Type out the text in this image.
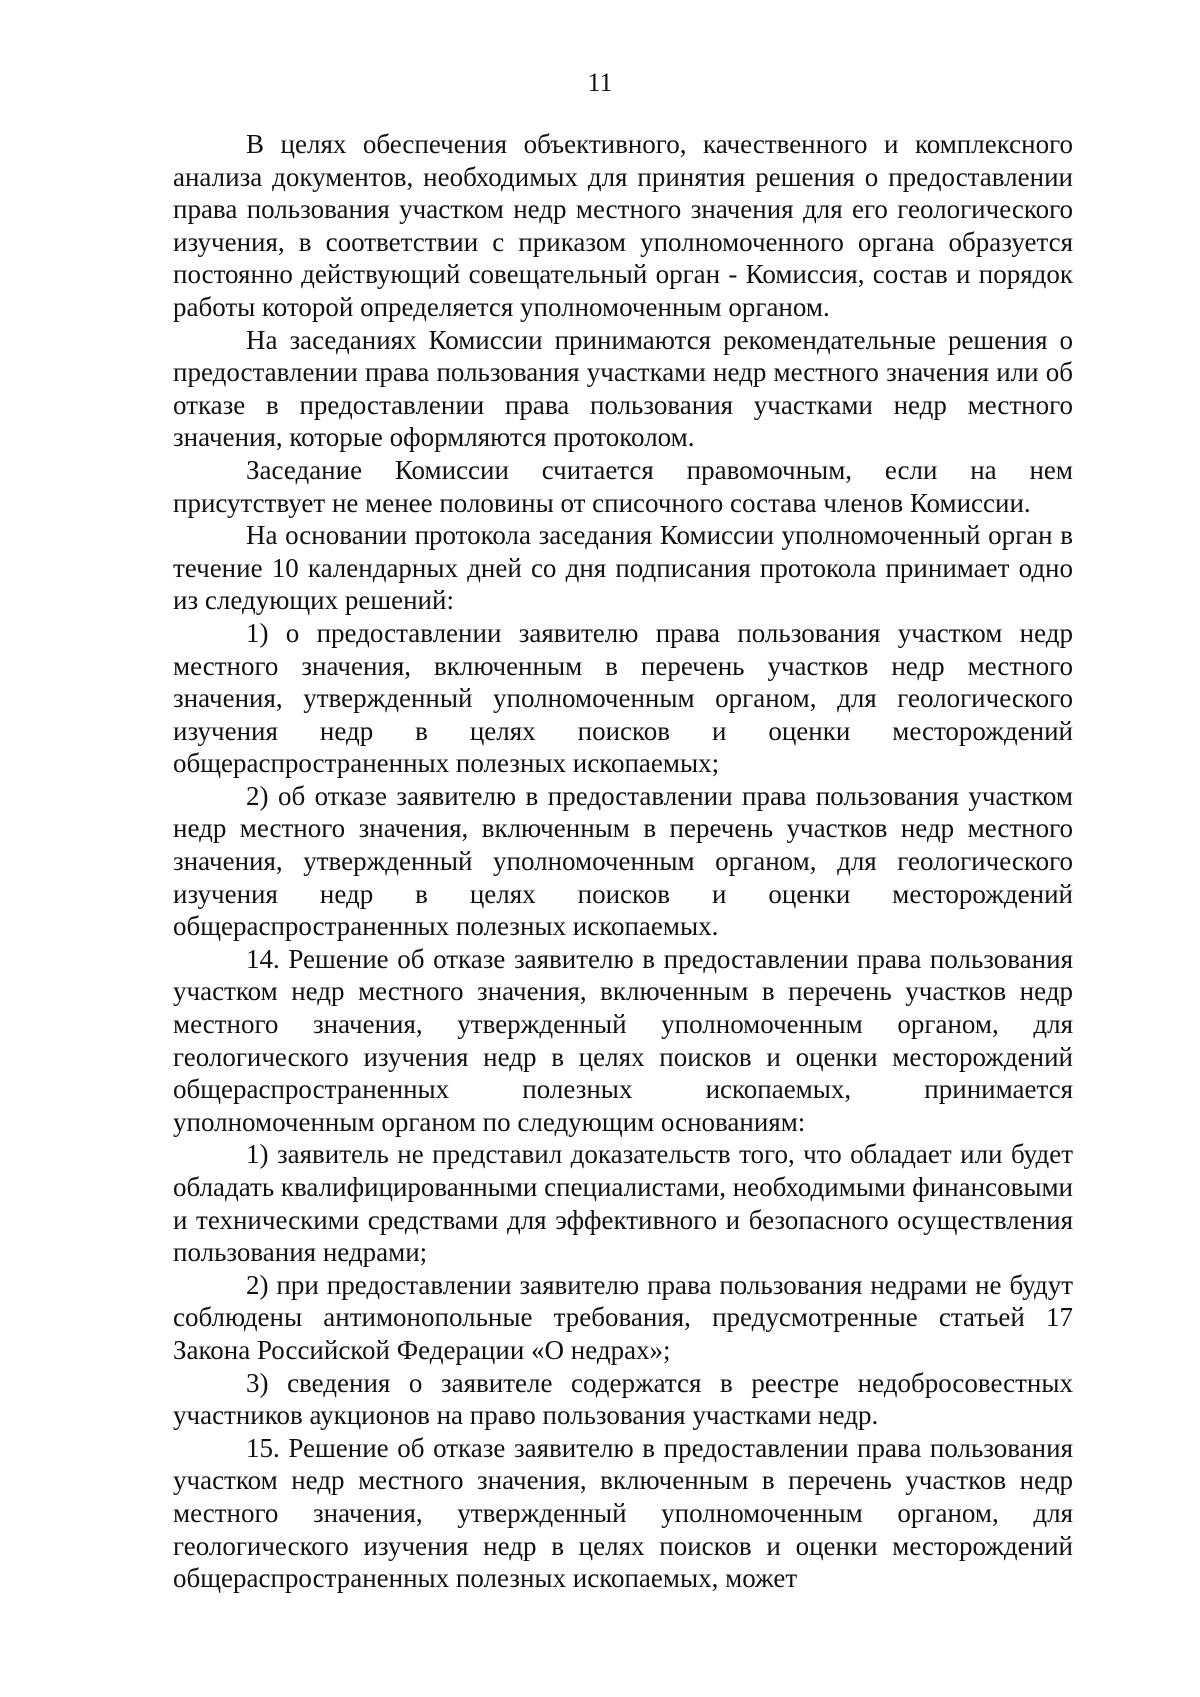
11

В целях обеспечения объективного, качественного и комплексного анализа документов, необходимых для принятия решения о предоставлении права пользования участком недр местного значения для его геологического изучения, в соответствии с приказом уполномоченного органа образуется постоянно действующий совещательный орган - Комиссия, состав и порядок работы которой определяется уполномоченным органом.

На заседаниях Комиссии принимаются рекомендательные решения о предоставлении права пользования участками недр местного значения или об отказе в предоставлении права пользования участками недр местного значения, которые оформляются протоколом.

Заседание Комиссии считается правомочным, если на нем присутствует не менее половины от списочного состава членов Комиссии.

На основании протокола заседания Комиссии уполномоченный орган в течение 10 календарных дней со дня подписания протокола принимает одно из следующих решений:

1) о предоставлении заявителю права пользования участком недр местного значения, включенным в перечень участков недр местного значения, утвержденный уполномоченным органом, для геологического изучения недр в целях поисков и оценки месторождений общераспространенных полезных ископаемых;

2) об отказе заявителю в предоставлении права пользования участком недр местного значения, включенным в перечень участков недр местного значения, утвержденный уполномоченным органом, для геологического изучения недр в целях поисков и оценки месторождений общераспространенных полезных ископаемых.

14. Решение об отказе заявителю в предоставлении права пользования участком недр местного значения, включенным в перечень участков недр местного значения, утвержденный уполномоченным органом, для геологического изучения недр в целях поисков и оценки месторождений общераспространенных полезных ископаемых, принимается уполномоченным органом по следующим основаниям:

1) заявитель не представил доказательств того, что обладает или будет обладать квалифицированными специалистами, необходимыми финансовыми и техническими средствами для эффективного и безопасного осуществления пользования недрами;

2) при предоставлении заявителю права пользования недрами не будут соблюдены антимонопольные требования, предусмотренные статьей 17 Закона Российской Федерации «О недрах»;

3) сведения о заявителе содержатся в реестре недобросовестных участников аукционов на право пользования участками недр.

15. Решение об отказе заявителю в предоставлении права пользования участком недр местного значения, включенным в перечень участков недр местного значения, утвержденный уполномоченным органом, для геологического изучения недр в целях поисков и оценки месторождений общераспространенных полезных ископаемых, может
